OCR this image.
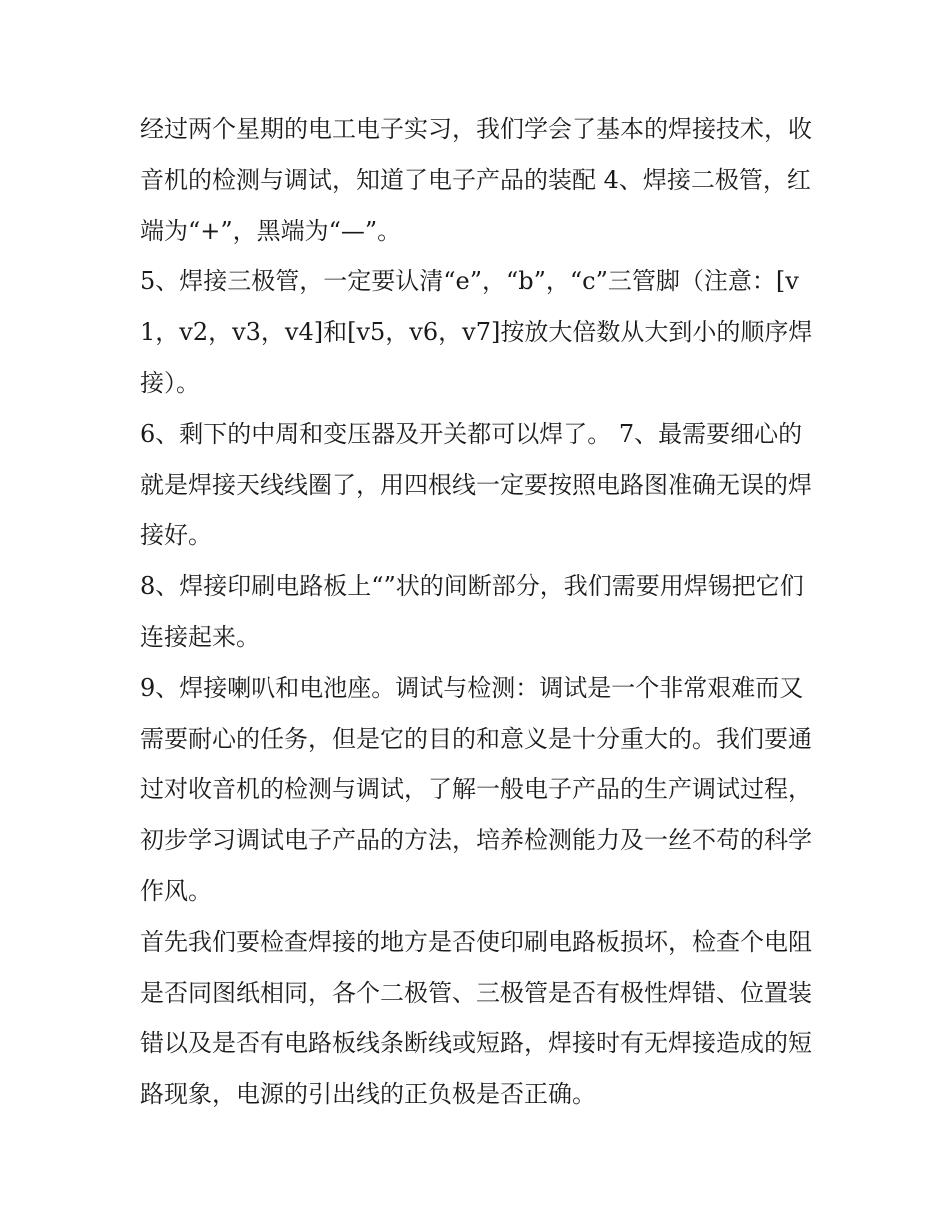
经过两个星期的电工电子实习，我们学会了基本的焊接技术，收音机的检测与调试，知道了电子产品的装配 4、焊接二极管，红端为“+”，黑端为“—”。

5、焊接三极管，一定要认清“e”，“b”，“c”三管脚（注意：[v1，v2，v3，v4]和[v5，v6，v7]按放大倍数从大到小的顺序焊接）。

6、剩下的中周和变压器及开关都可以焊了。 7、最需要细心的就是焊接天线线圈了，用四根线一定要按照电路图准确无误的焊接好。

8、焊接印刷电路板上“”状的间断部分，我们需要用焊锡把它们连接起来。

9、焊接喇叭和电池座。调试与检测：调试是一个非常艰难而又需要耐心的任务，但是它的目的和意义是十分重大的。我们要通过对收音机的检测与调试，了解一般电子产品的生产调试过程，初步学习调试电子产品的方法，培养检测能力及一丝不苟的科学作风。

首先我们要检查焊接的地方是否使印刷电路板损坏，检查个电阻是否同图纸相同，各个二极管、三极管是否有极性焊错、位置装错以及是否有电路板线条断线或短路，焊接时有无焊接造成的短路现象，电源的引出线的正负极是否正确。
